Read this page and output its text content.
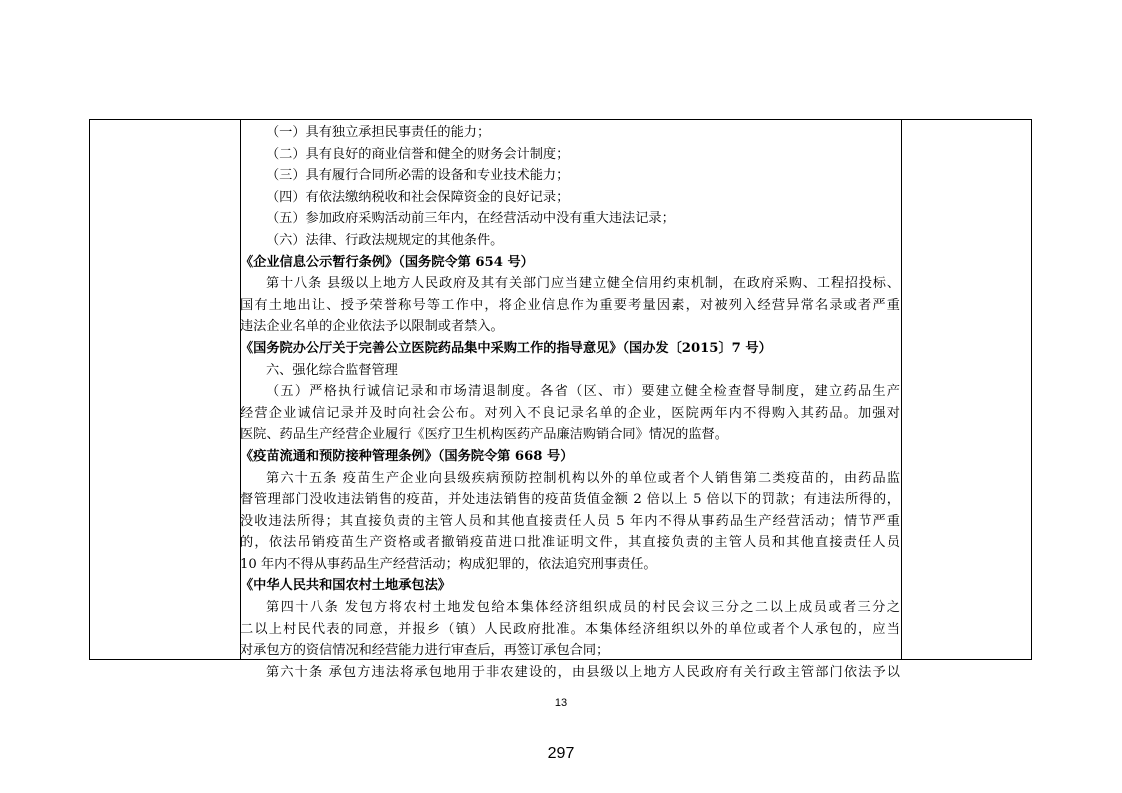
（一）具有独立承担民事责任的能力；
（二）具有良好的商业信誉和健全的财务会计制度；
（三）具有履行合同所必需的设备和专业技术能力；
（四）有依法缴纳税收和社会保障资金的良好记录；
（五）参加政府采购活动前三年内，在经营活动中没有重大违法记录；
（六）法律、行政法规规定的其他条件。
《企业信息公示暂行条例》（国务院令第 654 号）
第十八条 县级以上地方人民政府及其有关部门应当建立健全信用约束机制，在政府采购、工程招投标、
国有土地出让、授予荣誉称号等工作中，将企业信息作为重要考量因素，对被列入经营异常名录或者严重
违法企业名单的企业依法予以限制或者禁入。
《国务院办公厅关于完善公立医院药品集中采购工作的指导意见》（国办发〔2015〕7 号）
六、强化综合监督管理
（五）严格执行诚信记录和市场清退制度。各省（区、市）要建立健全检查督导制度，建立药品生产
经营企业诚信记录并及时向社会公布。对列入不良记录名单的企业，医院两年内不得购入其药品。加强对
医院、药品生产经营企业履行《医疗卫生机构医药产品廉洁购销合同》情况的监督。
《疫苗流通和预防接种管理条例》（国务院令第 668 号）
第六十五条 疫苗生产企业向县级疾病预防控制机构以外的单位或者个人销售第二类疫苗的，由药品监
督管理部门没收违法销售的疫苗，并处违法销售的疫苗货值金额 2 倍以上 5 倍以下的罚款；有违法所得的，
没收违法所得；其直接负责的主管人员和其他直接责任人员 5 年内不得从事药品生产经营活动；情节严重
的，依法吊销疫苗生产资格或者撤销疫苗进口批准证明文件，其直接负责的主管人员和其他直接责任人员
10 年内不得从事药品生产经营活动；构成犯罪的，依法追究刑事责任。
《中华人民共和国农村土地承包法》
第四十八条 发包方将农村土地发包给本集体经济组织成员的村民会议三分之二以上成员或者三分之
二以上村民代表的同意，并报乡（镇）人民政府批准。本集体经济组织以外的单位或者个人承包的，应当
对承包方的资信情况和经营能力进行审查后，再签订承包合同；
第六十条 承包方违法将承包地用于非农建设的，由县级以上地方人民政府有关行政主管部门依法予以
13
297
